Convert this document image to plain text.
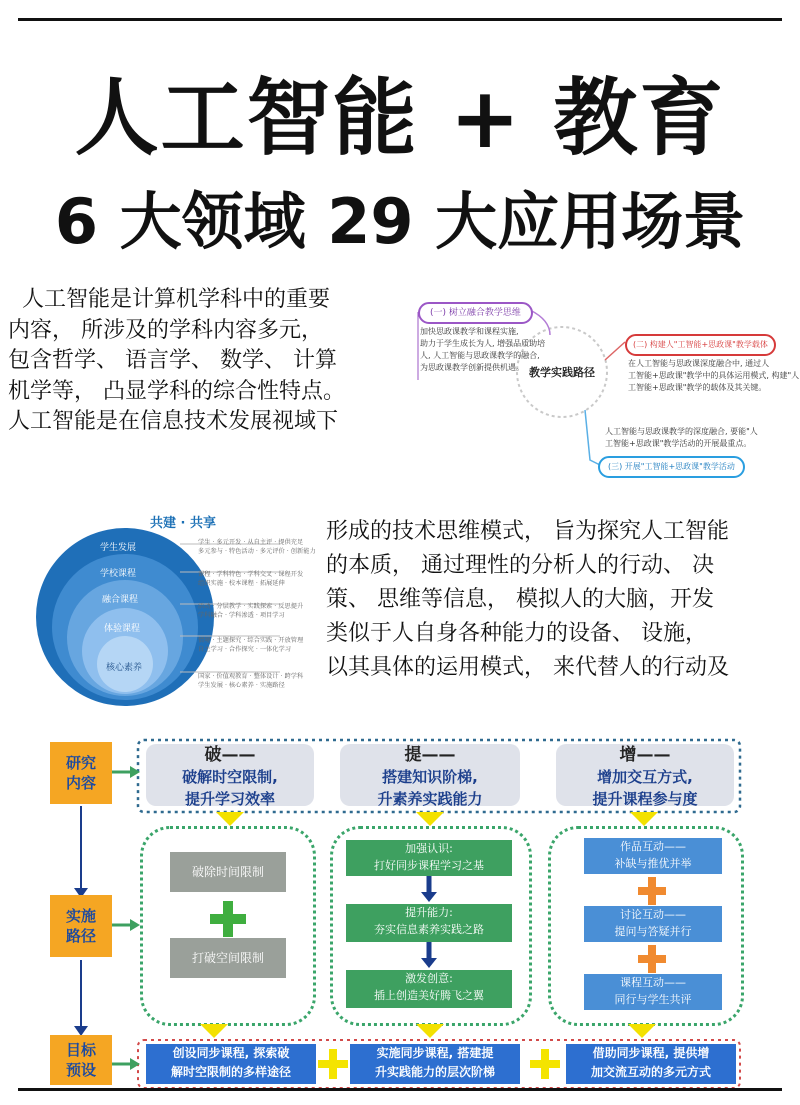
人工智能 + 教育
6 大领域 29 大应用场景
人工智能是计算机学科中的重要
内容， 所涉及的学科内容多元，
包含哲学、 语言学、 数学、 计算
机学等， 凸显学科的综合性特点。
人工智能是在信息技术发展视域下
(一) 树立融合教学思维
加快思政课教学和课程实施,
助力于学生成长为人, 增强品质助培
人, 人工智能与思政课教学的融合,
为思政课教学创新提供机遇。 教学实践路径
(二) 构建人"工智能+思政课"教学载体
在人工智能与思政课深度融合中, 通过人
工智能+思政课"教学中的具体运用模式, 构建"人
工智能+思政课"教学的载体及其关键。
人工智能与思政课教学的深度融合, 要能"人
工智能+思政课"教学活动的开展最重点。
(三) 开展"工智能+思政课"教学活动
共建 · 共享
学生发展
学校课程
融合课程
体验课程
核心素养
学生 · 多元开发 · 从自主评 · 提供充足
多元参与 · 特色活动 · 多元评价 · 创新能力
课程 · 学科特色 · 学科交叉 · 课程开发
组织实施 · 校本课程 · 拓展延伸
活动 · 分层教学 · 实践探索 · 反思提升
学科融合 · 学科渗透 · 项目学习
情境 · 主题探究 · 综合实践 · 开放管理
自主学习 · 合作探究 · 一体化学习
国家 · 价值观教育 · 整体设计 · 跨学科
学生发展 · 核心素养 · 实施路径
形成的技术思维模式， 旨为探究人工智能
的本质， 通过理性的分析人的行动、 决
策、 思维等信息， 模拟人的大脑，开发
类似于人自身各种能力的设备、 设施，
以其具体的运用模式， 来代替人的行动及
研究
内容
实施
路径
目标
预设
破——
破解时空限制,
提升学习效率
提——
搭建知识阶梯,
升素养实践能力
增——
增加交互方式,
提升课程参与度
破除时间限制
打破空间限制
加强认识:
打好同步课程学习之基
提升能力:
夯实信息素养实践之路
激发创意:
插上创造美好腾飞之翼
作品互动——
补缺与推优并举
讨论互动——
提问与答疑并行
课程互动——
同行与学生共评
创设同步课程, 探索破
解时空限制的多样途径
实施同步课程, 搭建提
升实践能力的层次阶梯
借助同步课程, 提供增
加交流互动的多元方式
